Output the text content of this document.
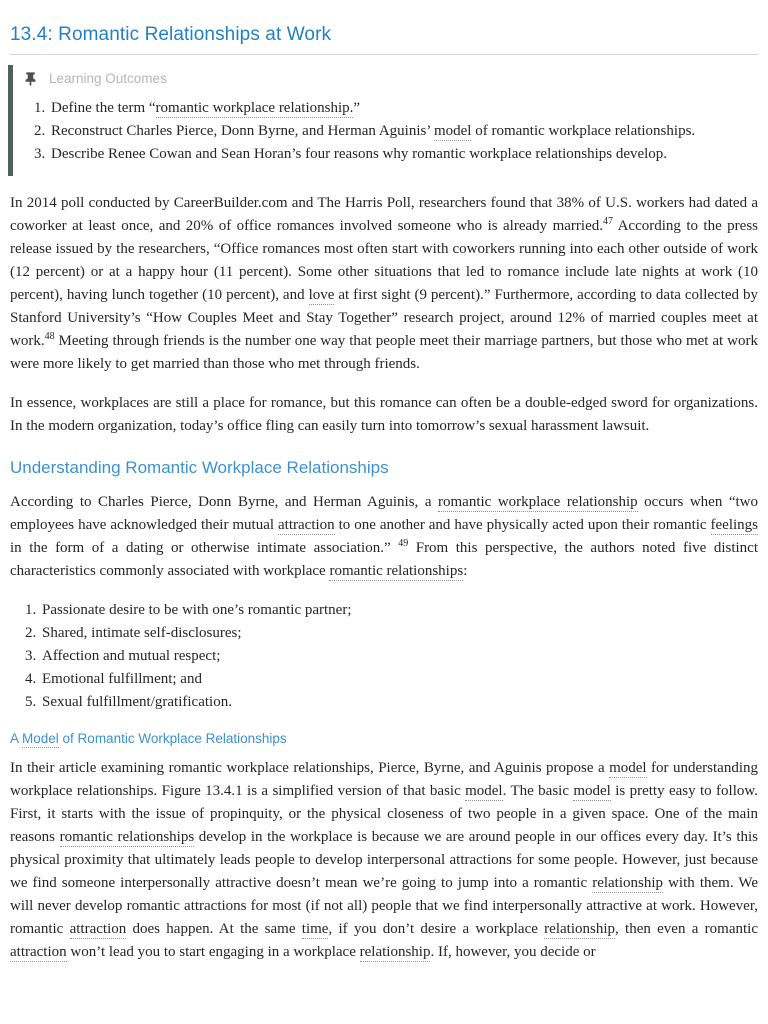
13.4: Romantic Relationships at Work
Learning Outcomes
1. Define the term “romantic workplace relationship.”
2. Reconstruct Charles Pierce, Donn Byrne, and Herman Aguinis’ model of romantic workplace relationships.
3. Describe Renee Cowan and Sean Horan’s four reasons why romantic workplace relationships develop.

In 2014 poll conducted by CareerBuilder.com and The Harris Poll, researchers found that 38% of U.S. workers had dated a coworker at least once, and 20% of office romances involved someone who is already married.$^{47}$ According to the press release issued by the researchers, “Office romances most often start with coworkers running into each other outside of work (12 percent) or at a happy hour (11 percent). Some other situations that led to romance include late nights at work (10 percent), having lunch together (10 percent), and love at first sight (9 percent).” Furthermore, according to data collected by Stanford University’s “How Couples Meet and Stay Together” research project, around 12% of married couples meet at work.$^{48}$ Meeting through friends is the number one way that people meet their marriage partners, but those who met at work were more likely to get married than those who met through friends.

In essence, workplaces are still a place for romance, but this romance can often be a double-edged sword for organizations. In the modern organization, today’s office fling can easily turn into tomorrow’s sexual harassment lawsuit.

Understanding Romantic Workplace Relationships

According to Charles Pierce, Donn Byrne, and Herman Aguinis, a romantic workplace relationship occurs when “two employees have acknowledged their mutual attraction to one another and have physically acted upon their romantic feelings in the form of a dating or otherwise intimate association.” $^{49}$ From this perspective, the authors noted five distinct characteristics commonly associated with workplace romantic relationships:

1. Passionate desire to be with one’s romantic partner;
2. Shared, intimate self-disclosures;
3. Affection and mutual respect;
4. Emotional fulfillment; and
5. Sexual fulfillment/gratification.
A Model of Romantic Workplace Relationships

In their article examining romantic workplace relationships, Pierce, Byrne, and Aguinis propose a model for understanding workplace relationships. Figure 13.4.1 is a simplified version of that basic model. The basic model is pretty easy to follow. First, it starts with the issue of propinquity, or the physical closeness of two people in a given space. One of the main reasons romantic relationships develop in the workplace is because we are around people in our offices every day. It’s this physical proximity that ultimately leads people to develop interpersonal attractions for some people. However, just because we find someone interpersonally attractive doesn’t mean we’re going to jump into a romantic relationship with them. We will never develop romantic attractions for most (if not all) people that we find interpersonally attractive at work. However, romantic attraction does happen. At the same time, if you don’t desire a workplace relationship, then even a romantic attraction won’t lead you to start engaging in a workplace relationship. If, however, you decide or
